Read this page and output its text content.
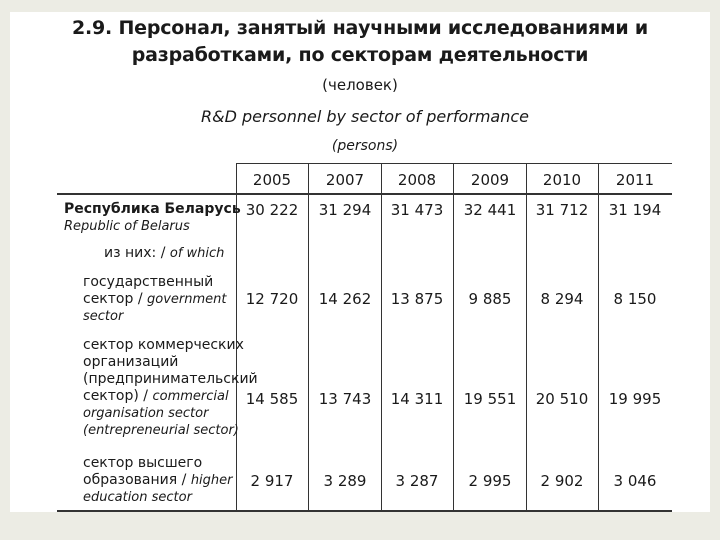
2.9. Персонал, занятый научными исследованиями и
разработками, по секторам деятельности
(человек)
R&D personnel by sector of performance
(persons)
2005	2007	2008	2009	2010	2011
Республика Беларусь
Republic of Belarus
30 222	31 294	31 473	32 441	31 712	31 194
из них: / of which
государственный
сектор / government
sector
12 720	14 262	13 875	9 885	8 294	8 150
сектор коммерческих
организаций
(предпринимательский
сектор) / commercial
organisation sector
(entrepreneurial sector)
14 585	13 743	14 311	19 551	20 510	19 995
сектор высшего
образования / higher
education sector
2 917	3 289	3 287	2 995	2 902	3 046
